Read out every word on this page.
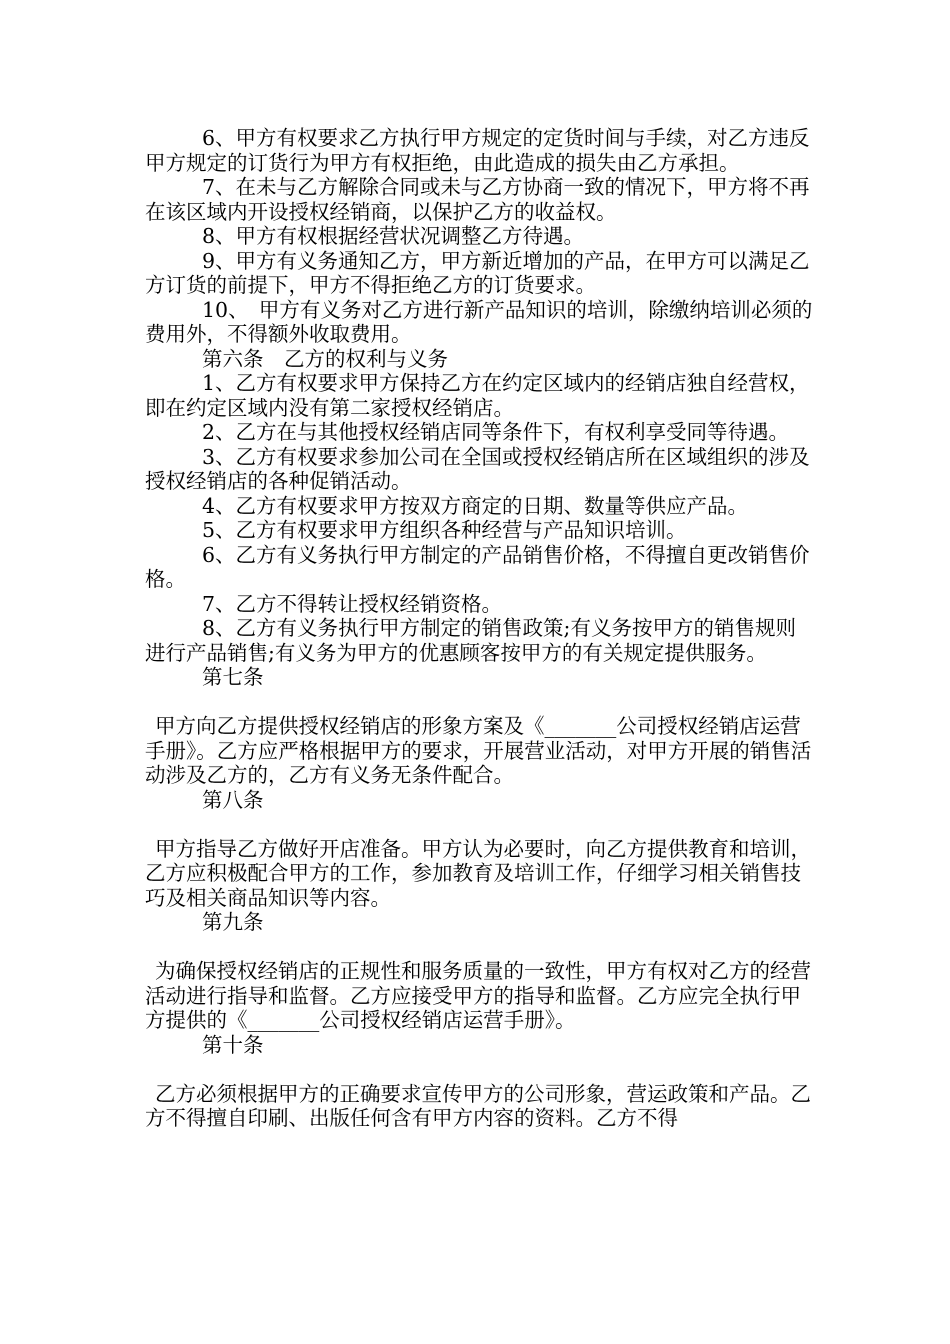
6、甲方有权要求乙方执行甲方规定的定货时间与手续，对乙方违反甲方规定的订货行为甲方有权拒绝，由此造成的损失由乙方承担。

7、在未与乙方解除合同或未与乙方协商一致的情况下，甲方将不再在该区域内开设授权经销商，以保护乙方的收益权。

8、甲方有权根据经营状况调整乙方待遇。

9、甲方有义务通知乙方，甲方新近增加的产品，在甲方可以满足乙方订货的前提下，甲方不得拒绝乙方的订货要求。

10、　甲方有义务对乙方进行新产品知识的培训，除缴纳培训必须的费用外，不得额外收取费用。

第六条　乙方的权利与义务

1、乙方有权要求甲方保持乙方在约定区域内的经销店独自经营权，即在约定区域内没有第二家授权经销店。

2、乙方在与其他授权经销店同等条件下，有权利享受同等待遇。

3、乙方有权要求参加公司在全国或授权经销店所在区域组织的涉及授权经销店的各种促销活动。

4、乙方有权要求甲方按双方商定的日期、数量等供应产品。

5、乙方有权要求甲方组织各种经营与产品知识培训。

6、乙方有义务执行甲方制定的产品销售价格，不得擅自更改销售价格。

7、乙方不得转让授权经销资格。

8、乙方有义务执行甲方制定的销售政策;有义务按甲方的销售规则进行产品销售;有义务为甲方的优惠顾客按甲方的有关规定提供服务。

第七条

甲方向乙方提供授权经销店的形象方案及《_______公司授权经销店运营手册》。乙方应严格根据甲方的要求，开展营业活动，对甲方开展的销售活动涉及乙方的，乙方有义务无条件配合。

第八条

甲方指导乙方做好开店准备。甲方认为必要时，向乙方提供教育和培训，乙方应积极配合甲方的工作，参加教育及培训工作，仔细学习相关销售技巧及相关商品知识等内容。

第九条

为确保授权经销店的正规性和服务质量的一致性，甲方有权对乙方的经营活动进行指导和监督。乙方应接受甲方的指导和监督。乙方应完全执行甲方提供的《_______公司授权经销店运营手册》。

第十条

乙方必须根据甲方的正确要求宣传甲方的公司形象，营运政策和产品。乙方不得擅自印刷、出版任何含有甲方内容的资料。乙方不得
